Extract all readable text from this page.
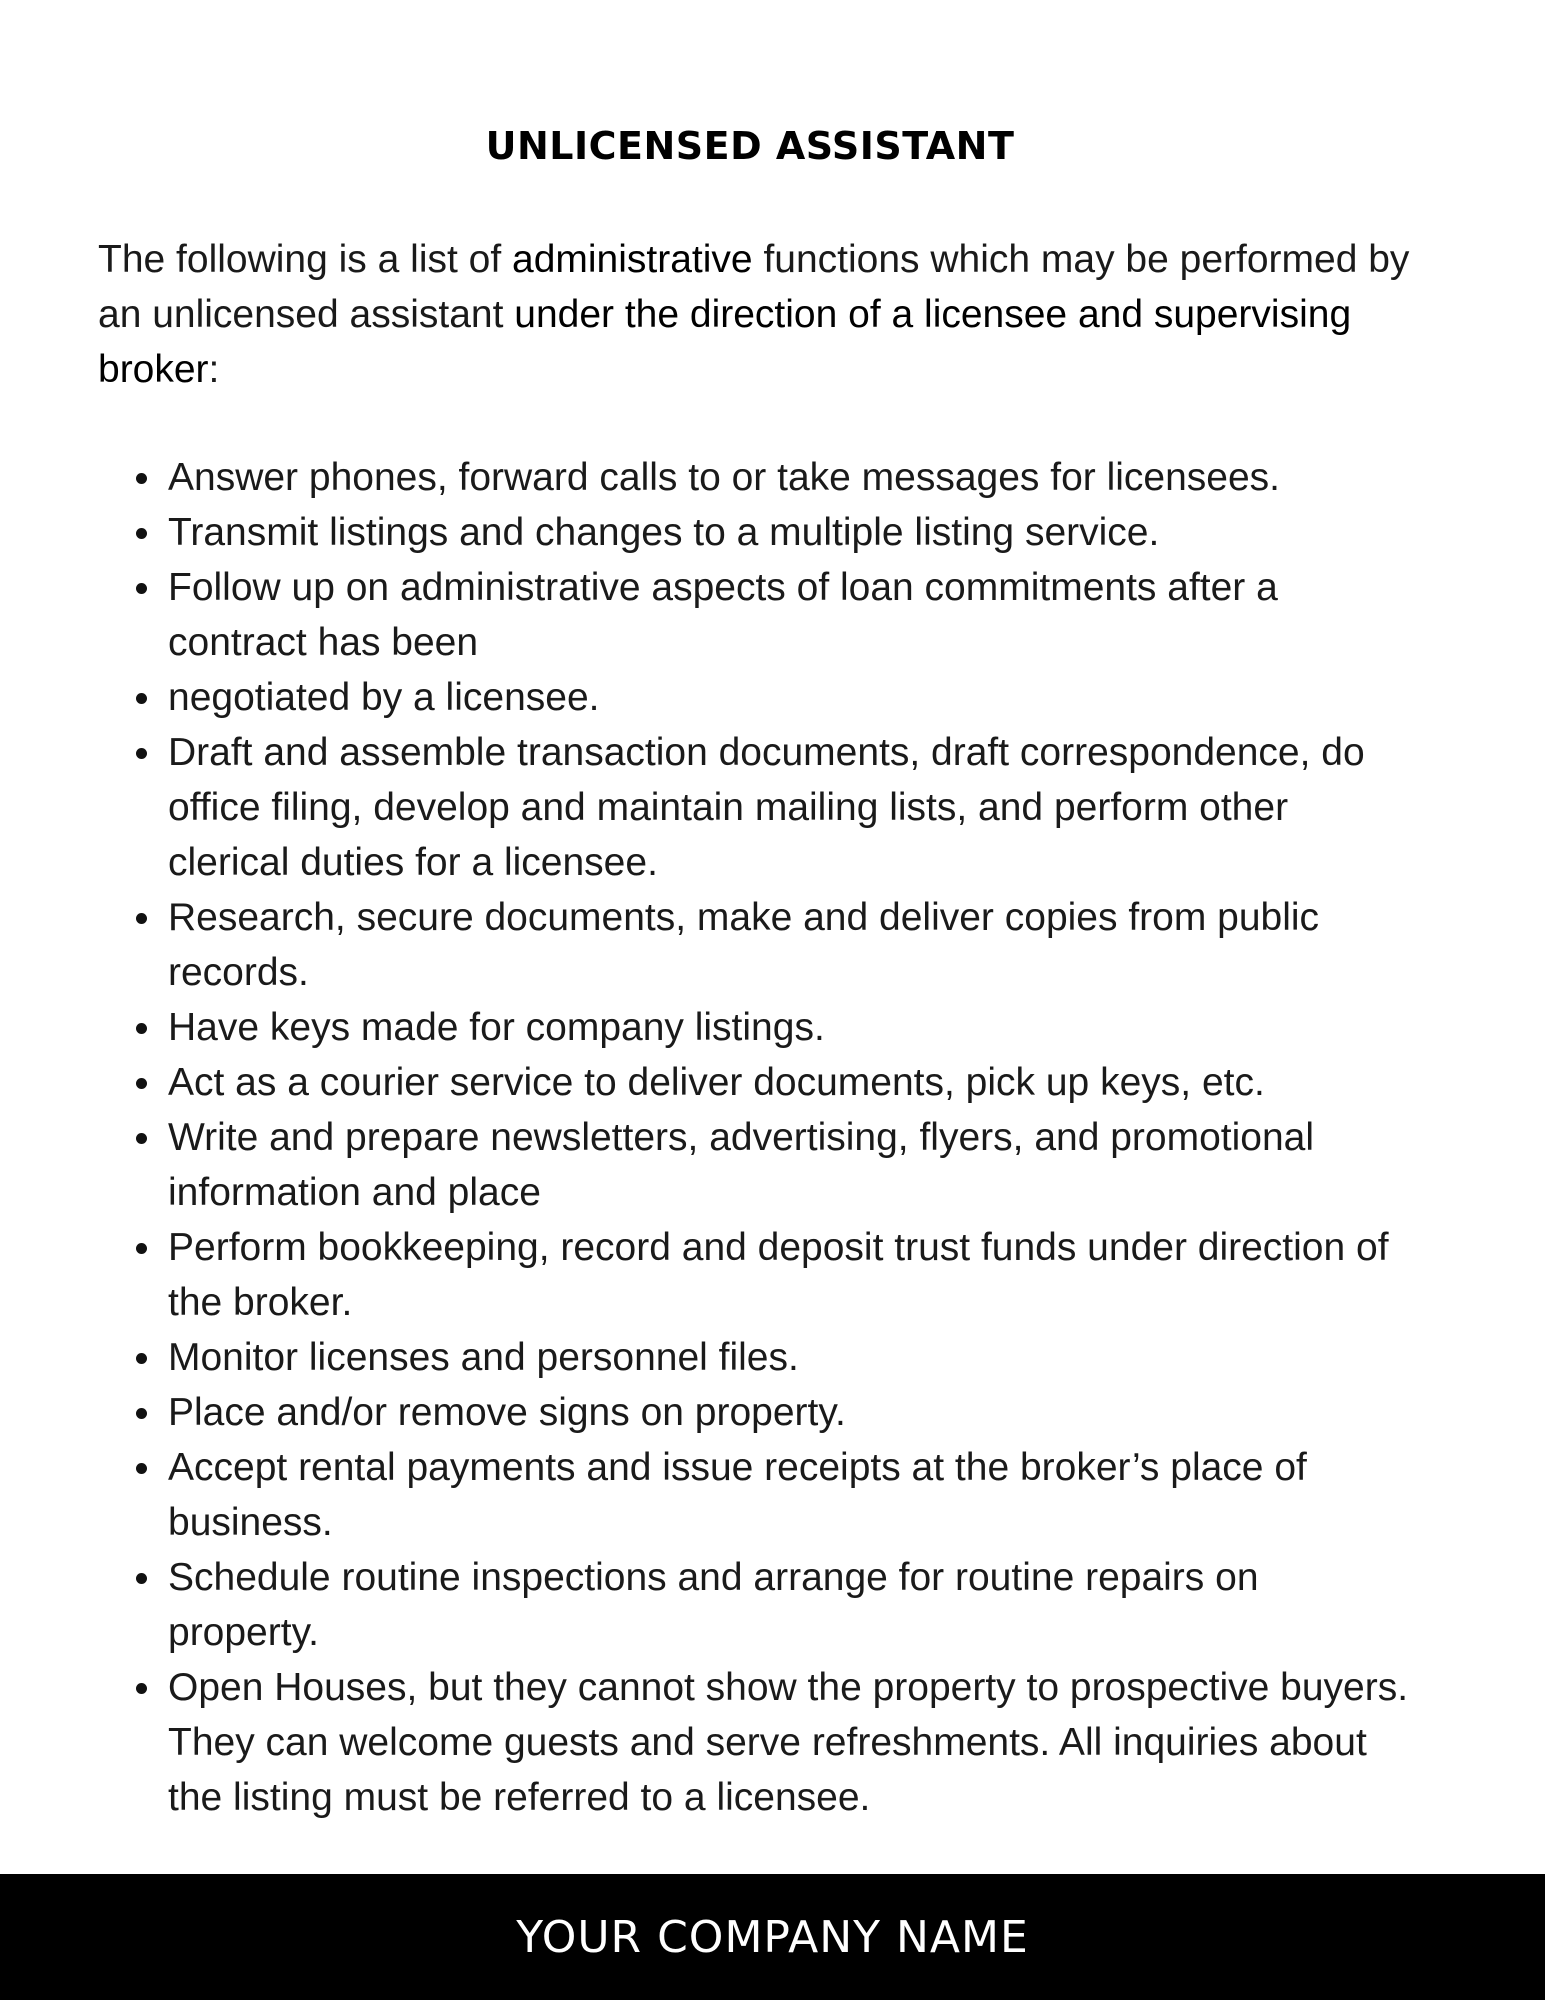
UNLICENSED ASSISTANT

The following is a list of administrative functions which may be performed by an unlicensed assistant under the direction of a licensee and supervising broker:

Answer phones, forward calls to or take messages for licensees.
Transmit listings and changes to a multiple listing service.
Follow up on administrative aspects of loan commitments after a contract has been
negotiated by a licensee.
Draft and assemble transaction documents, draft correspondence, do office filing, develop and maintain mailing lists, and perform other clerical duties for a licensee.
Research, secure documents, make and deliver copies from public records.
Have keys made for company listings.
Act as a courier service to deliver documents, pick up keys, etc.
Write and prepare newsletters, advertising, flyers, and promotional information and place
Perform bookkeeping, record and deposit trust funds under direction of the broker.
Monitor licenses and personnel files.
Place and/or remove signs on property.
Accept rental payments and issue receipts at the broker’s place of business.
Schedule routine inspections and arrange for routine repairs on property.
Open Houses, but they cannot show the property to prospective buyers. They can welcome guests and serve refreshments. All inquiries about the listing must be referred to a licensee.
YOUR COMPANY NAME
